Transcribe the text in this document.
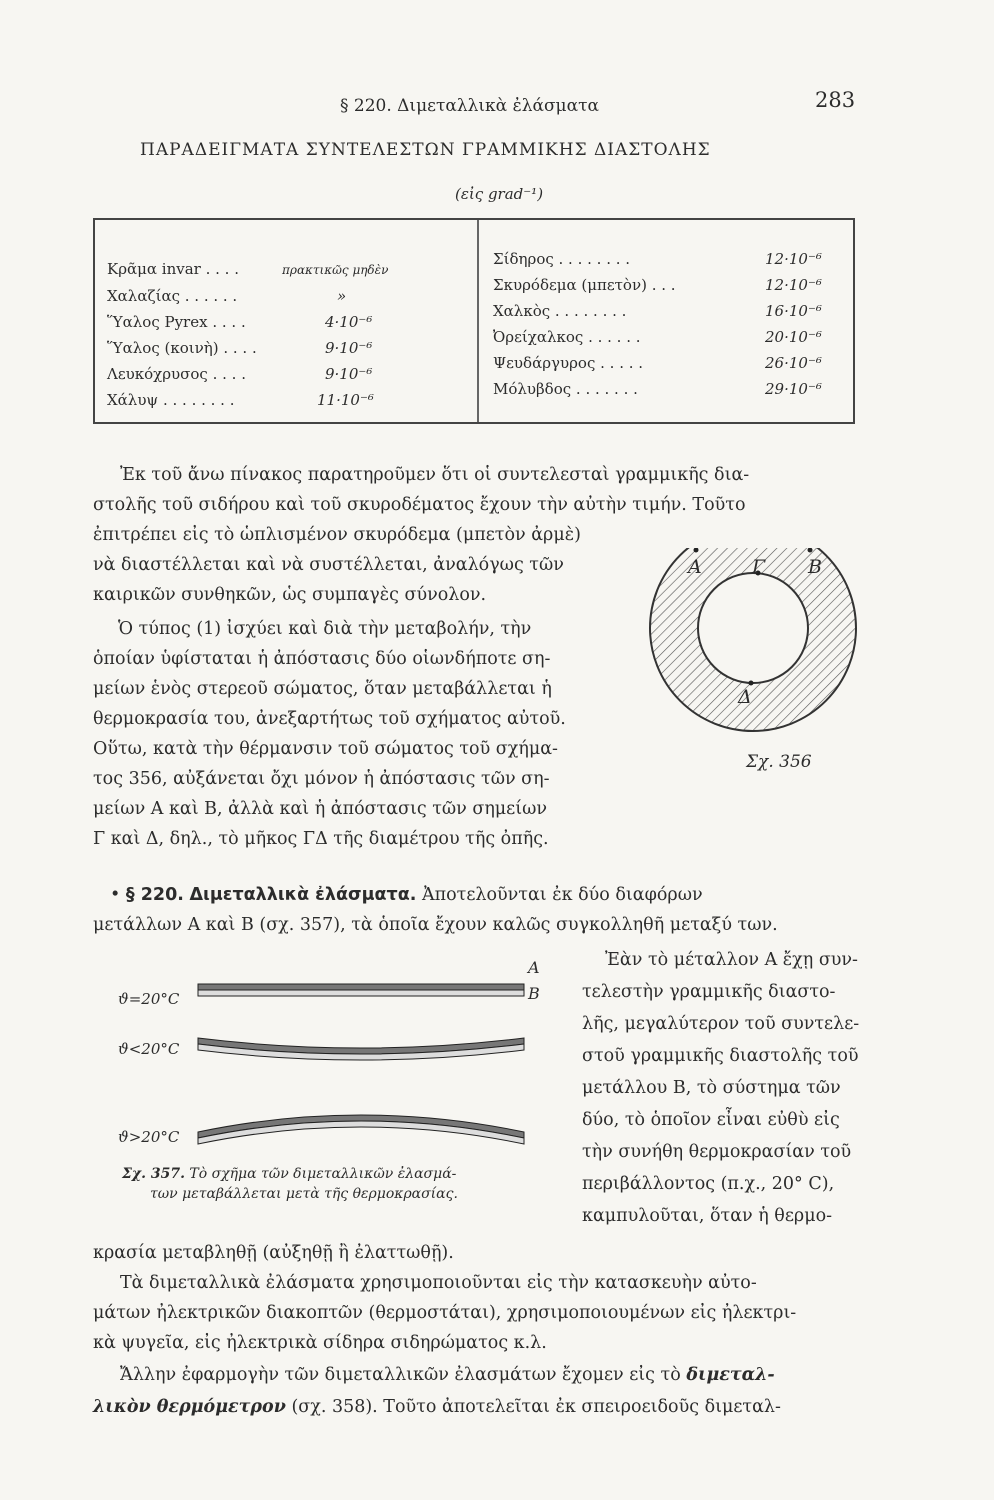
§ 220. Διμεταλλικὰ ἐλάσματα	283
ΠΑΡΑΔΕΙΓΜΑΤΑ ΣΥΝΤΕΛΕΣΤΩΝ ΓΡΑΜΜΙΚΗΣ ΔΙΑΣΤΟΛΗΣ
(εἰς grad⁻¹)
Κρᾶμα invar . . . .	πρακτικῶς μηδὲν
Χαλαζίας . . . . . .	»
Ὕαλος Pyrex . . . .	4·10⁻⁶
Ὕαλος (κοινὴ) . . . .	9·10⁻⁶
Λευκόχρυσος . . . .	9·10⁻⁶
Χάλυψ . . . . . . . .	11·10⁻⁶
Σίδηρος . . . . . . . .	12·10⁻⁶
Σκυρόδεμα (μπετὸν) . . .	12·10⁻⁶
Χαλκὸς . . . . . . . .	16·10⁻⁶
Ὀρείχαλκος . . . . . .	20·10⁻⁶
Ψευδάργυρος . . . . .	26·10⁻⁶
Μόλυβδος . . . . . . .	29·10⁻⁶
Ἐκ τοῦ ἄνω πίνακος παρατηροῦμεν ὅτι οἱ συντελεσταὶ γραμμικῆς δια-
στολῆς τοῦ σιδήρου καὶ τοῦ σκυροδέματος ἔχουν τὴν αὐτὴν τιμήν. Τοῦτο
ἐπιτρέπει εἰς τὸ ὡπλισμένον σκυρόδεμα (μπετὸν ἀρμὲ)
νὰ διαστέλλεται καὶ νὰ συστέλλεται, ἀναλόγως τῶν
καιρικῶν συνθηκῶν, ὡς συμπαγὲς σύνολον.
Ὁ τύπος (1) ἰσχύει καὶ διὰ τὴν μεταβολήν, τὴν
ὁποίαν ὑφίσταται ἡ ἀπόστασις δύο οἱωνδήποτε ση-
μείων ἑνὸς στερεοῦ σώματος, ὅταν μεταβάλλεται ἡ
θερμοκρασία του, ἀνεξαρτήτως τοῦ σχήματος αὐτοῦ.
Οὕτω, κατὰ τὴν θέρμανσιν τοῦ σώματος τοῦ σχήμα-
τος 356, αὐξάνεται ὄχι μόνον ἡ ἀπόστασις τῶν ση-
μείων Α καὶ Β, ἀλλὰ καὶ ἡ ἀπόστασις τῶν σημείων
Γ καὶ Δ, δηλ., τὸ μῆκος ΓΔ τῆς διαμέτρου τῆς ὀπῆς.
Α	Γ Β
Δ
Σχ. 356
• § 220. Διμεταλλικὰ ἐλάσματα. Ἀποτελοῦνται ἐκ δύο διαφόρων
μετάλλων Α καὶ Β (σχ. 357), τὰ ὁποῖα ἔχουν καλῶς συγκολληθῆ μεταξύ των.
ϑ=20°C
ϑ<20°C
ϑ>20°C
Α
Β
Σχ. 357. Τὸ σχῆμα τῶν διμεταλλικῶν ἐλασμά-
των μεταβάλλεται μετὰ τῆς θερμοκρασίας.
Ἐὰν τὸ μέταλλον Α ἔχῃ συν-
τελεστὴν γραμμικῆς διαστο-
λῆς, μεγαλύτερον τοῦ συντελε-
στοῦ γραμμικῆς διαστολῆς τοῦ
μετάλλου Β, τὸ σύστημα τῶν
δύο, τὸ ὁποῖον εἶναι εὐθὺ εἰς
τὴν συνήθη θερμοκρασίαν τοῦ
περιβάλλοντος (π.χ., 20° C),
καμπυλοῦται, ὅταν ἡ θερμο-
κρασία μεταβληθῇ (αὐξηθῇ ἢ ἐλαττωθῇ).
Τὰ διμεταλλικὰ ἐλάσματα χρησιμοποιοῦνται εἰς τὴν κατασκευὴν αὐτο-
μάτων ἠλεκτρικῶν διακοπτῶν (θερμοστάται), χρησιμοποιουμένων εἰς ἠλεκτρι-
κὰ ψυγεῖα, εἰς ἠλεκτρικὰ σίδηρα σιδηρώματος κ.λ.
Ἄλλην ἐφαρμογὴν τῶν διμεταλλικῶν ἐλασμάτων ἔχομεν εἰς τὸ διμεταλ-
λικὸν θερμόμετρον (σχ. 358). Τοῦτο ἀποτελεῖται ἐκ σπειροειδοῦς διμεταλ-
